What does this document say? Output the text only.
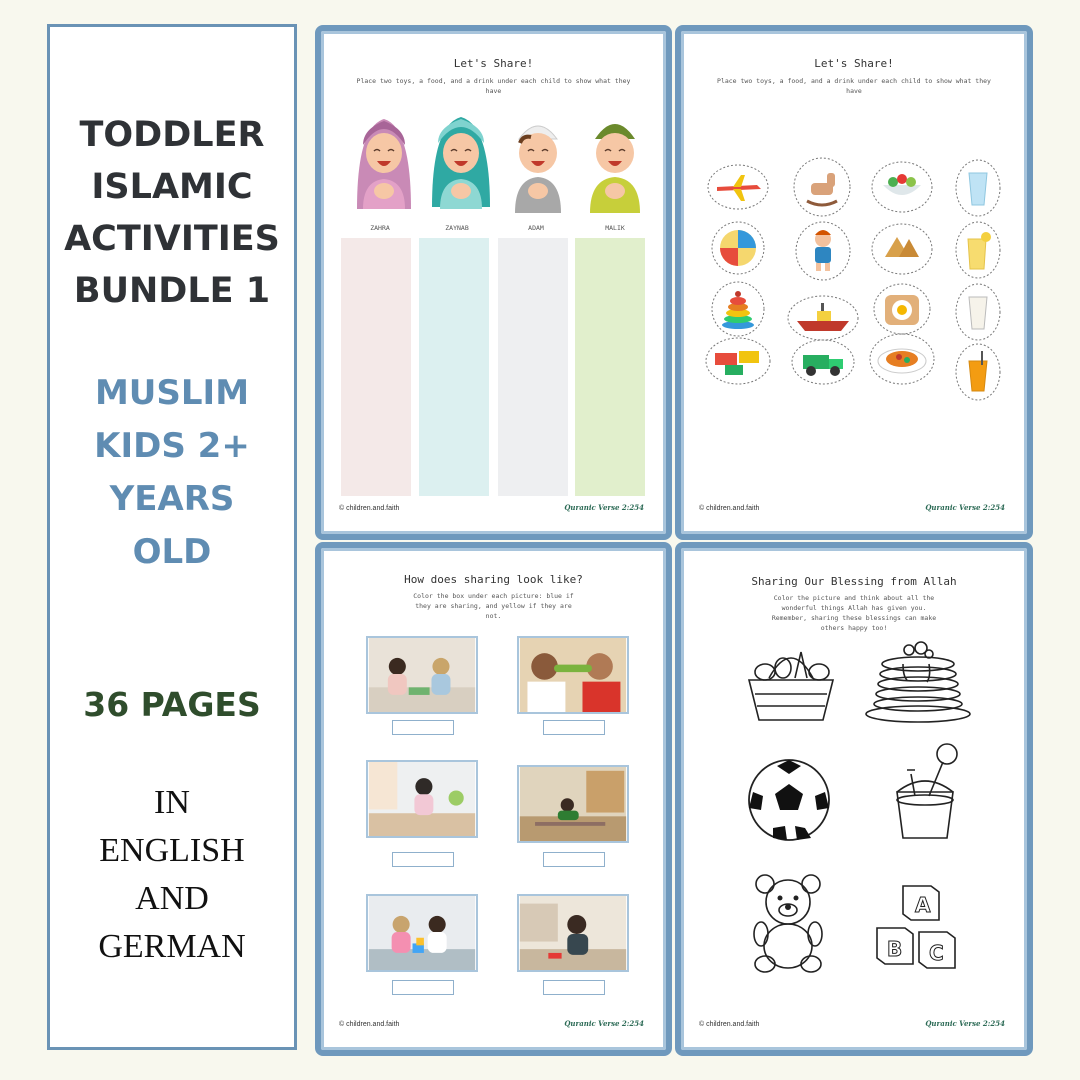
TODDLER
ISLAMIC
ACTIVITIES
BUNDLE 1

MUSLIM
KIDS 2+
YEARS
OLD

36 PAGES

IN
ENGLISH
AND
GERMAN

Let's Share!
Place two toys, a food, and a drink under each child to show what they have
ZAHRA	ZAYNAB	ADAM	MALIK
© children.and.faith	Quranic Verse 2:254
Let's Share!
Place two toys, a food, and a drink under each child to show what they have
© children.and.faith	Quranic Verse 2:254
How does sharing look like?
Color the box under each picture: blue if they are sharing, and yellow if they are not.
© children.and.faith	Quranic Verse 2:254
Sharing Our Blessing from Allah
Color the picture and think about all the wonderful things Allah has given you. Remember, sharing these blessings can make others happy too!
A
B C
© children.and.faith	Quranic Verse 2:254
